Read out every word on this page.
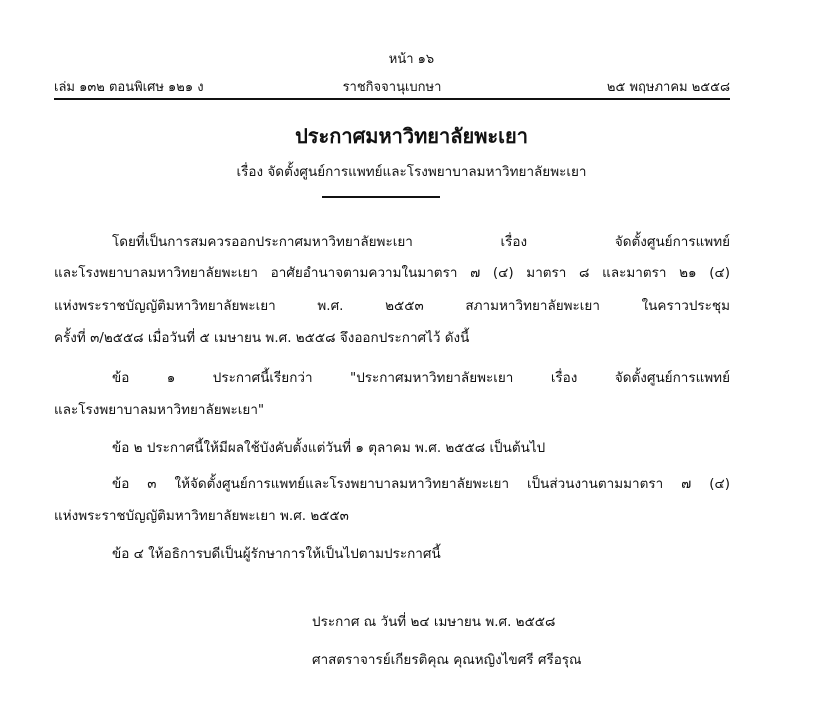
หน้า ๑๖
เล่ม ๑๓๒ ตอนพิเศษ ๑๒๑ ง	ราชกิจจานุเบกษา	๒๕ พฤษภาคม ๒๕๕๘
ประกาศมหาวิทยาลัยพะเยา
เรื่อง จัดตั้งศูนย์การแพทย์และโรงพยาบาลมหาวิทยาลัยพะเยา
โดยที่เป็นการสมควรออกประกาศมหาวิทยาลัยพะเยา เรื่อง จัดตั้งศูนย์การแพทย์
และโรงพยาบาลมหาวิทยาลัยพะเยา อาศัยอำนาจตามความในมาตรา ๗ (๔) มาตรา ๘ และมาตรา ๒๑ (๔)
แห่งพระราชบัญญัติมหาวิทยาลัยพะเยา พ.ศ. ๒๕๕๓ สภามหาวิทยาลัยพะเยา ในคราวประชุม
ครั้งที่ ๓/๒๕๕๘ เมื่อวันที่ ๕ เมษายน พ.ศ. ๒๕๕๘ จึงออกประกาศไว้ ดังนี้
ข้อ ๑ ประกาศนี้เรียกว่า "ประกาศมหาวิทยาลัยพะเยา เรื่อง จัดตั้งศูนย์การแพทย์
และโรงพยาบาลมหาวิทยาลัยพะเยา"
ข้อ ๒ ประกาศนี้ให้มีผลใช้บังคับตั้งแต่วันที่ ๑ ตุลาคม พ.ศ. ๒๕๕๘ เป็นต้นไป
ข้อ ๓ ให้จัดตั้งศูนย์การแพทย์และโรงพยาบาลมหาวิทยาลัยพะเยา เป็นส่วนงานตามมาตรา ๗ (๔)
แห่งพระราชบัญญัติมหาวิทยาลัยพะเยา พ.ศ. ๒๕๕๓
ข้อ ๔ ให้อธิการบดีเป็นผู้รักษาการให้เป็นไปตามประกาศนี้
ประกาศ ณ วันที่ ๒๔ เมษายน พ.ศ. ๒๕๕๘
ศาสตราจารย์เกียรติคุณ คุณหญิงไขศรี ศรีอรุณ
